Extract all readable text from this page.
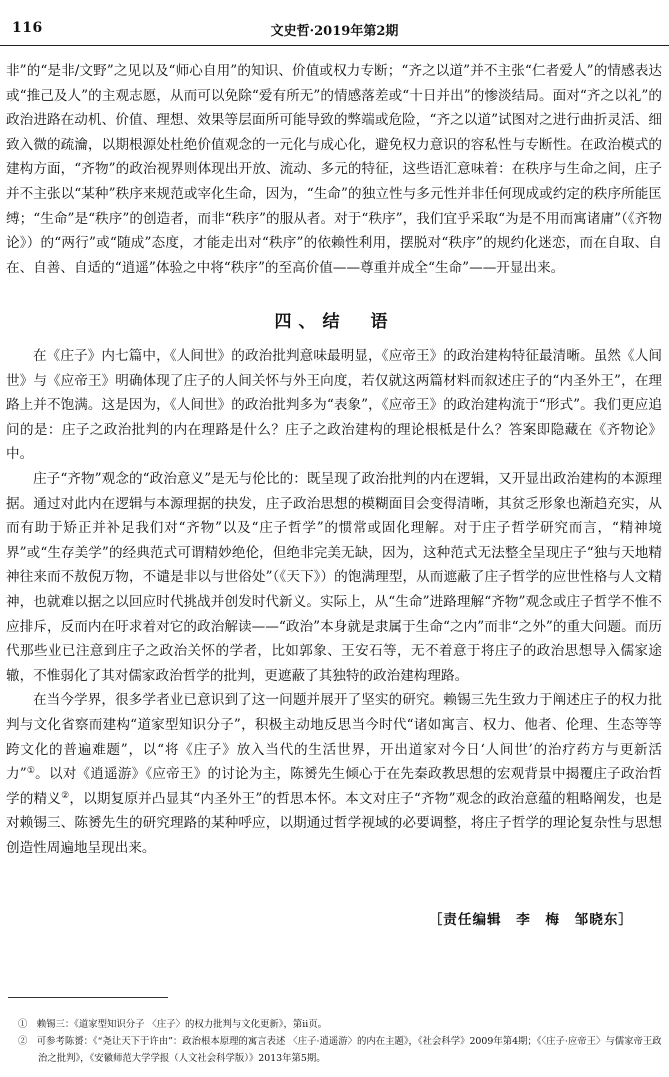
116	文史哲·2019年第2期

非”的“是非/文野”之见以及“师心自用”的知识、价值或权力专断；“齐之以道”并不主张“仁者爱人”的情感表达或“推己及人”的主观志愿，从而可以免除“爱有所无”的情感落差或“十日并出”的惨淡结局。面对“齐之以礼”的政治进路在动机、价值、理想、效果等层面所可能导致的弊端或危险，“齐之以道”试图对之进行曲折灵活、细致入微的疏瀹，以期根源处杜绝价值观念的一元化与成心化，避免权力意识的容私性与专断性。在政治模式的建构方面，“齐物”的政治视界则体现出开放、流动、多元的特征，这些语汇意味着：在秩序与生命之间，庄子并不主张以“某种”秩序来规范或宰化生命，因为，“生命”的独立性与多元性并非任何现成或约定的秩序所能匡缚；“生命”是“秩序”的创造者，而非“秩序”的服从者。对于“秩序”，我们宜乎采取“为是不用而寓诸庸”（《齐物论》）的“两行”或“随成”态度，才能走出对“秩序”的依赖性利用，摆脱对“秩序”的规约化迷恋，而在自取、自在、自善、自适的“逍遥”体验之中将“秩序”的至高价值——尊重并成全“生命”——开显出来。

四、结　语

在《庄子》内七篇中，《人间世》的政治批判意味最明显，《应帝王》的政治建构特征最清晰。虽然《人间世》与《应帝王》明确体现了庄子的人间关怀与外王向度，若仅就这两篇材料而叙述庄子的“内圣外王”，在理路上并不饱满。这是因为，《人间世》的政治批判多为“表象”，《应帝王》的政治建构流于“形式”。我们更应追问的是：庄子之政治批判的内在理路是什么？庄子之政治建构的理论根柢是什么？答案即隐藏在《齐物论》中。

庄子“齐物”观念的“政治意义”是无与伦比的：既呈现了政治批判的内在逻辑，又开显出政治建构的本源理据。通过对此内在逻辑与本源理据的抉发，庄子政治思想的模糊面目会变得清晰，其贫乏形象也渐趋充实，从而有助于矫正并补足我们对“齐物”以及“庄子哲学”的惯常或固化理解。对于庄子哲学研究而言，“精神境界”或“生存美学”的经典范式可谓精妙绝伦，但绝非完美无缺，因为，这种范式无法整全呈现庄子“独与天地精神往来而不敖倪万物，不谴是非以与世俗处”（《天下》）的饱满理型，从而遮蔽了庄子哲学的应世性格与人文精神，也就难以据之以回应时代挑战并创发时代新义。实际上，从“生命”进路理解“齐物”观念或庄子哲学不惟不应排斥，反而内在吁求着对它的政治解读——“政治”本身就是隶属于生命“之内”而非“之外”的重大问题。而历代那些业已注意到庄子之政治关怀的学者，比如郭象、王安石等，无不着意于将庄子的政治思想导入儒家途辙，不惟弱化了其对儒家政治哲学的批判，更遮蔽了其独特的政治建构理路。

在当今学界，很多学者业已意识到了这一问题并展开了坚实的研究。赖锡三先生致力于阐述庄子的权力批判与文化省察而建构“道家型知识分子”，积极主动地反思当今时代“诸如寓言、权力、他者、伦理、生态等等跨文化的普遍难题”，以“将《庄子》放入当代的生活世界，开出道家对今日‘人间世’的治疗药方与更新活力”①。以对《逍遥游》《应帝王》的讨论为主，陈赟先生倾心于在先秦政教思想的宏观背景中揭覆庄子政治哲学的精义②，以期复原并凸显其“内圣外王”的哲思本怀。本文对庄子“齐物”观念的政治意蕴的粗略阐发，也是对赖锡三、陈赟先生的研究理路的某种呼应，以期通过哲学视域的必要调整，将庄子哲学的理论复杂性与思想创造性周遍地呈现出来。

［责任编辑　李　梅　邹晓东］

①　赖锡三：《道家型知识分子 〈庄子〉的权力批判与文化更新》，第ii页。

②　可参考陈赟：《“尧让天下于许由”：政治根本原理的寓言表述 〈庄子·逍遥游〉的内在主题》，《社会科学》2009年第4期；《〈庄子·应帝王〉与儒家帝王政治之批判》，《安徽师范大学学报（人文社会科学版）》2013年第5期。
